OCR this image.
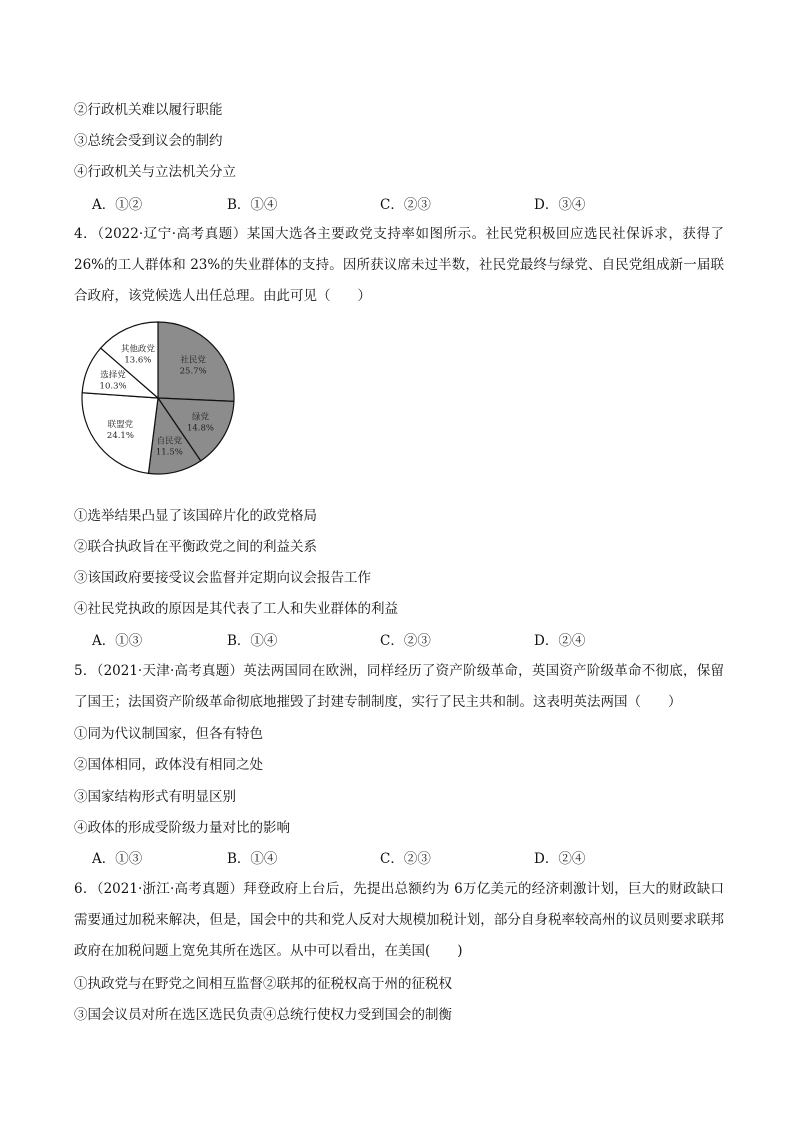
②行政机关难以履行职能
③总统会受到议会的制约
④行政机关与立法机关分立
A．①②	B．①④	C．②③	D．③④
4．（2022·辽宁·高考真题）某国大选各主要政党支持率如图所示。社民党积极回应选民社保诉求，获得了 26%的工人群体和 23%的失业群体的支持。因所获议席未过半数，社民党最终与绿党、自民党组成新一届联合政府，该党候选人出任总理。由此可见（　　）
社民党
25.7%
绿党
14.8%
自民党
11.5%
联盟党
24.1%
选择党
10.3%
其他政党
13.6%
①选举结果凸显了该国碎片化的政党格局
②联合执政旨在平衡政党之间的利益关系
③该国政府要接受议会监督并定期向议会报告工作
④社民党执政的原因是其代表了工人和失业群体的利益
A．①③	B．①④	C．②③	D．②④
5．（2021·天津·高考真题）英法两国同在欧洲，同样经历了资产阶级革命，英国资产阶级革命不彻底，保留了国王；法国资产阶级革命彻底地摧毁了封建专制制度，实行了民主共和制。这表明英法两国（　　）
①同为代议制国家，但各有特色
②国体相同，政体没有相同之处
③国家结构形式有明显区别
④政体的形成受阶级力量对比的影响
A．①③	B．①④	C．②③	D．②④
6．（2021·浙江·高考真题）拜登政府上台后，先提出总额约为 6万亿美元的经济刺激计划，巨大的财政缺口需要通过加税来解决，但是，国会中的共和党人反对大规模加税计划，部分自身税率较高州的议员则要求联邦政府在加税问题上宽免其所在选区。从中可以看出，在美国(　　)
①执政党与在野党之间相互监督②联邦的征税权高于州的征税权
③国会议员对所在选区选民负责④总统行使权力受到国会的制衡
